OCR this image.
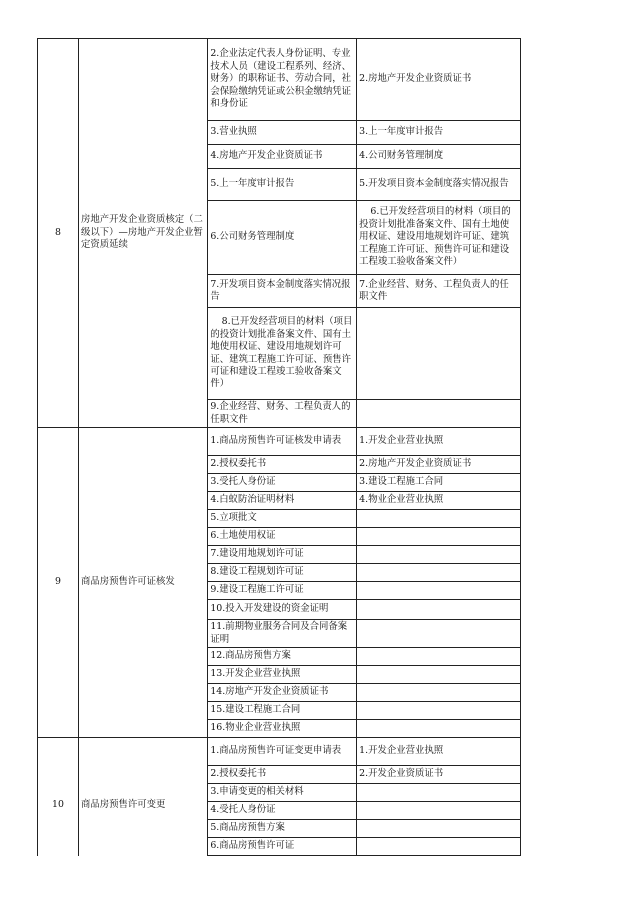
8	房地产开发企业资质核定（二级以下）—房地产开发企业暂定资质延续	2.企业法定代表人身份证明、专业技术人员（建设工程系列、经济、财务）的职称证书、劳动合同，社会保险缴纳凭证或公积金缴纳凭证和身份证	2.房地产开发企业资质证书
		3.营业执照	3.上一年度审计报告
		4.房地产开发企业资质证书	4.公司财务管理制度
		5.上一年度审计报告	5.开发项目资本金制度落实情况报告
		6.公司财务管理制度	6.已开发经营项目的材料（项目的投资计划批准备案文件、国有土地使用权证、建设用地规划许可证、建筑工程施工许可证、预售许可证和建设工程竣工验收备案文件）
		7.开发项目资本金制度落实情况报告	7.企业经营、财务、工程负责人的任职文件
		8.已开发经营项目的材料（项目的投资计划批准备案文件、国有土地使用权证、建设用地规划许可证、建筑工程施工许可证、预售许可证和建设工程竣工验收备案文件）	
		9.企业经营、财务、工程负责人的任职文件	
9	商品房预售许可证核发	1.商品房预售许可证核发申请表	1.开发企业营业执照
		2.授权委托书	2.房地产开发企业资质证书
		3.受托人身份证	3.建设工程施工合同
		4.白蚁防治证明材料	4.物业企业营业执照
		5.立项批文	
		6.土地使用权证	
		7.建设用地规划许可证	
		8.建设工程规划许可证	
		9.建设工程施工许可证	
		10.投入开发建设的资金证明	
		11.前期物业服务合同及合同备案证明	
		12.商品房预售方案	
		13.开发企业营业执照	
		14.房地产开发企业资质证书	
		15.建设工程施工合同	
		16.物业企业营业执照	
10	商品房预售许可变更	1.商品房预售许可证变更申请表	1.开发企业营业执照
		2.授权委托书	2.开发企业资质证书
		3.申请变更的相关材料	
		4.受托人身份证	
		5.商品房预售方案	
		6.商品房预售许可证	
